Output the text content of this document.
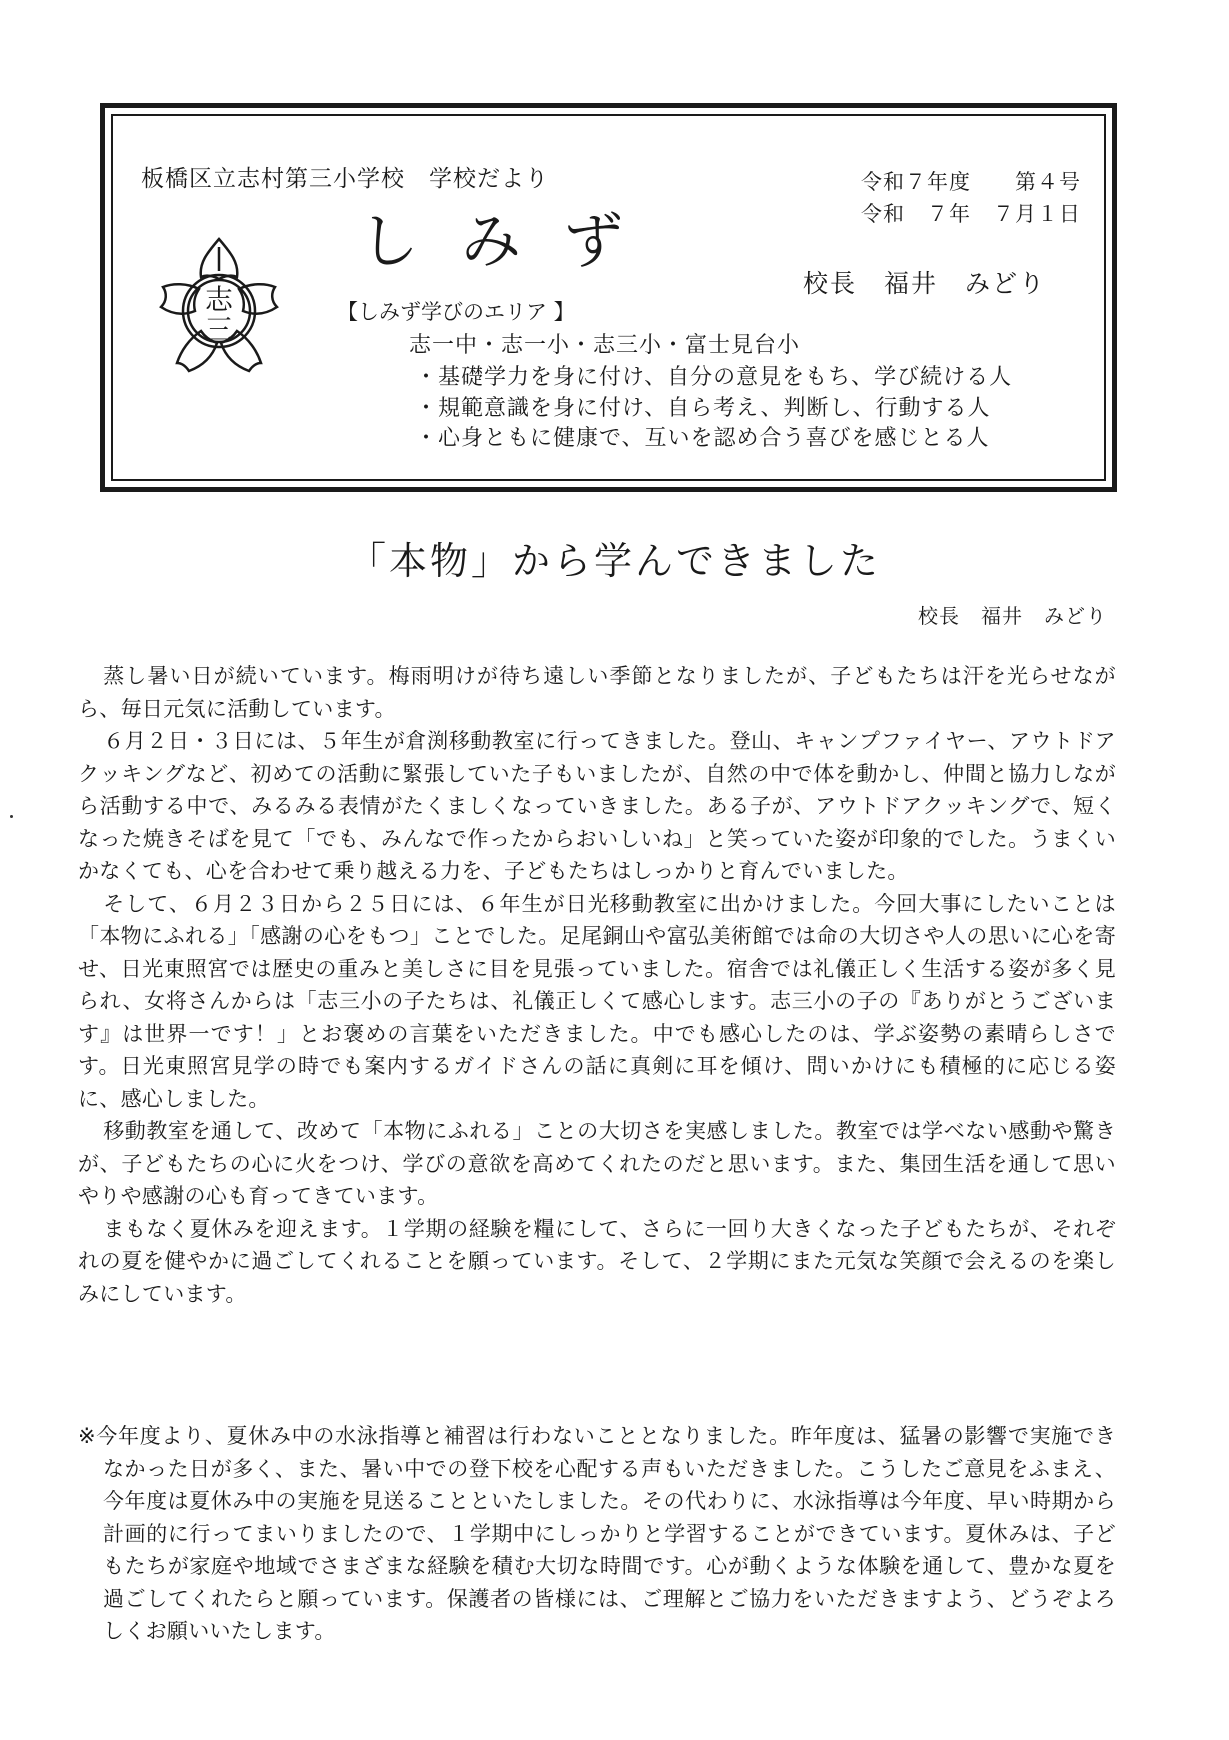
板橋区立志村第三小学校　学校だより	令和７年度　　第４号
令和　７年　７月１日
しみず
校長　福井　みどり
志
三
【しみず学びのエリア 】
志一中・志一小・志三小・富士見台小
・基礎学力を身に付け、自分の意見をもち、学び続ける人
・規範意識を身に付け、自ら考え、判断し、行動する人
・心身ともに健康で、互いを認め合う喜びを感じとる人
「本物」から学んできました
校長　福井　みどり

蒸し暑い日が続いています。梅雨明けが待ち遠しい季節となりましたが、子どもたちは汗を光らせながら、毎日元気に活動しています。

６月２日・３日には、５年生が倉渕移動教室に行ってきました。登山、キャンプファイヤー、アウトドアクッキングなど、初めての活動に緊張していた子もいましたが、自然の中で体を動かし、仲間と協力しながら活動する中で、みるみる表情がたくましくなっていきました。ある子が、アウトドアクッキングで、短くなった焼きそばを見て「でも、みんなで作ったからおいしいね」と笑っていた姿が印象的でした。うまくいかなくても、心を合わせて乗り越える力を、子どもたちはしっかりと育んでいました。

そして、６月２３日から２５日には、６年生が日光移動教室に出かけました。今回大事にしたいことは「本物にふれる」「感謝の心をもつ」ことでした。足尾銅山や富弘美術館では命の大切さや人の思いに心を寄せ、日光東照宮では歴史の重みと美しさに目を見張っていました。宿舎では礼儀正しく生活する姿が多く見られ、女将さんからは「志三小の子たちは、礼儀正しくて感心します。志三小の子の『ありがとうございます』は世界一です！」とお褒めの言葉をいただきました。中でも感心したのは、学ぶ姿勢の素晴らしさです。日光東照宮見学の時でも案内するガイドさんの話に真剣に耳を傾け、問いかけにも積極的に応じる姿に、感心しました。

移動教室を通して、改めて「本物にふれる」ことの大切さを実感しました。教室では学べない感動や驚きが、子どもたちの心に火をつけ、学びの意欲を高めてくれたのだと思います。また、集団生活を通して思いやりや感謝の心も育ってきています。

まもなく夏休みを迎えます。１学期の経験を糧にして、さらに一回り大きくなった子どもたちが、それぞれの夏を健やかに過ごしてくれることを願っています。そして、２学期にまた元気な笑顔で会えるのを楽しみにしています。

※今年度より、夏休み中の水泳指導と補習は行わないこととなりました。昨年度は、猛暑の影響で実施できなかった日が多く、また、暑い中での登下校を心配する声もいただきました。こうしたご意見をふまえ、今年度は夏休み中の実施を見送ることといたしました。その代わりに、水泳指導は今年度、早い時期から計画的に行ってまいりましたので、１学期中にしっかりと学習することができています。夏休みは、子どもたちが家庭や地域でさまざまな経験を積む大切な時間です。心が動くような体験を通して、豊かな夏を過ごしてくれたらと願っています。保護者の皆様には、ご理解とご協力をいただきますよう、どうぞよろしくお願いいたします。
